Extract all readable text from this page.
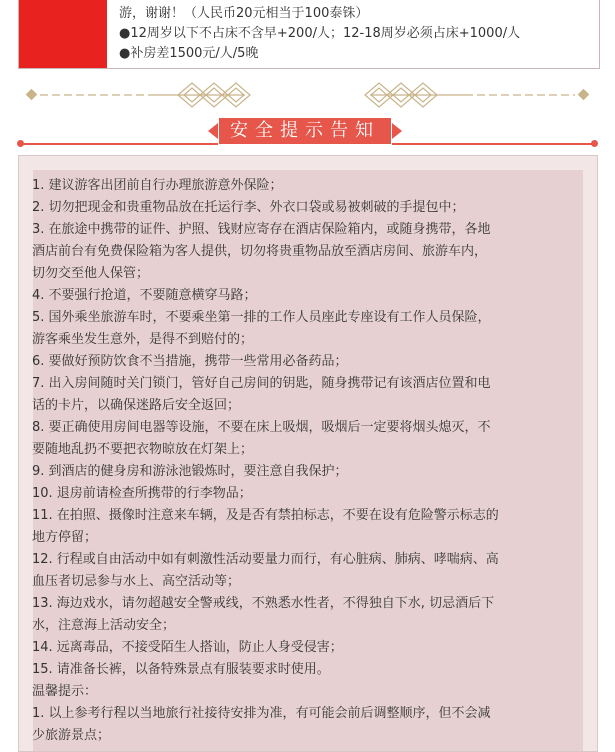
游，谢谢！（人民币20元相当于100泰铢）
●12周岁以下不占床不含早+200/人；12-18周岁必须占床+1000/人
●补房差1500元/人/5晚
安全提示告知

1. 建议游客出团前自行办理旅游意外保险；

2. 切勿把现金和贵重物品放在托运行李、外衣口袋或易被刺破的手提包中；

3. 在旅途中携带的证件、护照、钱财应寄存在酒店保险箱内，或随身携带，各地

酒店前台有免费保险箱为客人提供，切勿将贵重物品放至酒店房间、旅游车内，

切勿交至他人保管；

4. 不要强行抢道，不要随意横穿马路；

5. 国外乘坐旅游车时，不要乘坐第一排的工作人员座此专座设有工作人员保险，

游客乘坐发生意外，是得不到赔付的；

6. 要做好预防饮食不当措施，携带一些常用必备药品；

7. 出入房间随时关门锁门，管好自己房间的钥匙，随身携带记有该酒店位置和电

话的卡片，以确保迷路后安全返回；

8. 要正确使用房间电器等设施，不要在床上吸烟，吸烟后一定要将烟头熄灭，不

要随地乱扔不要把衣物晾放在灯架上；

9. 到酒店的健身房和游泳池锻炼时，要注意自我保护；

10. 退房前请检查所携带的行李物品；

11. 在拍照、摄像时注意来车辆，及是否有禁拍标志，不要在设有危险警示标志的

地方停留；

12. 行程或自由活动中如有刺激性活动要量力而行，有心脏病、肺病、哮喘病、高

血压者切忌参与水上、高空活动等；

13. 海边戏水，请勿超越安全警戒线，不熟悉水性者，不得独自下水, 切忌酒后下

水，注意海上活动安全；

14. 远离毒品，不接受陌生人搭讪，防止人身受侵害；

15. 请准备长裤，以备特殊景点有服装要求时使用。

温馨提示：

1. 以上参考行程以当地旅行社接待安排为准，有可能会前后调整顺序，但不会减

少旅游景点；
